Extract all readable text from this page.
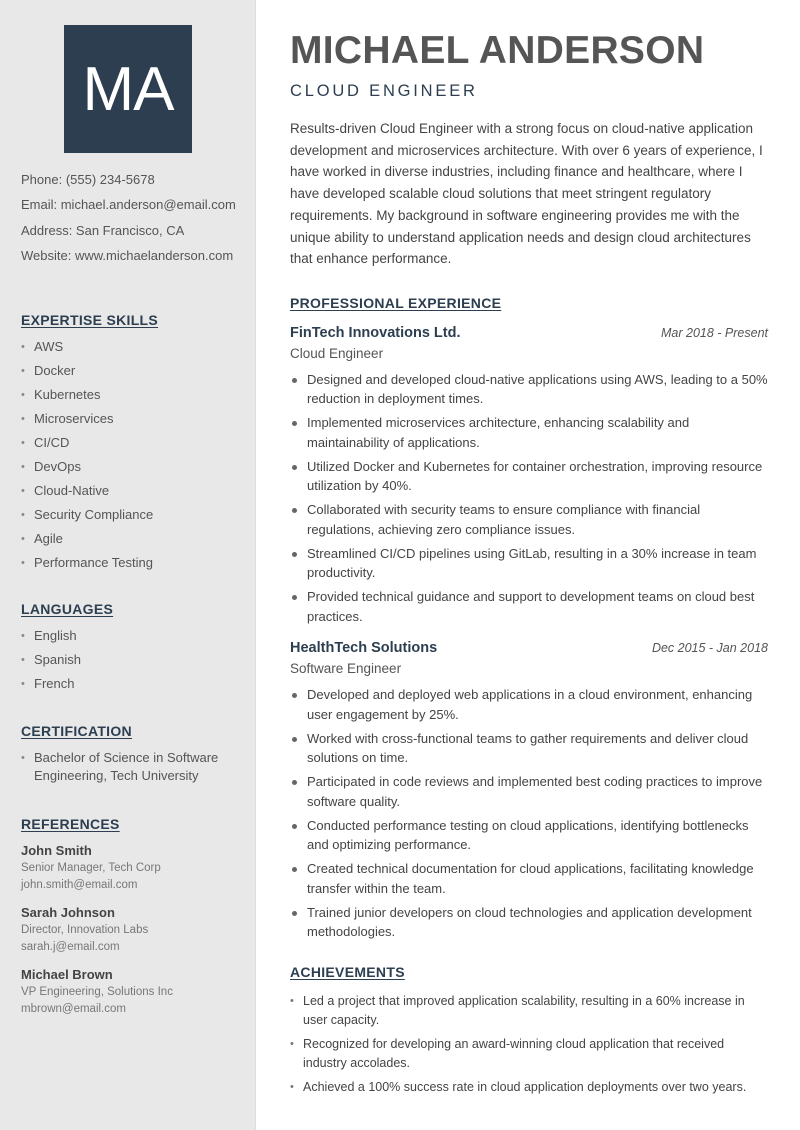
MA
Phone: (555) 234-5678
Email: michael.anderson@email.com
Address: San Francisco, CA
Website: www.michaelanderson.com
EXPERTISE SKILLS
• AWS
• Docker
• Kubernetes
• Microservices
• CI/CD
• DevOps
• Cloud-Native
• Security Compliance
• Agile
• Performance Testing
LANGUAGES
• English
• Spanish
• French
CERTIFICATION
• Bachelor of Science in Software Engineering, Tech University
REFERENCES
John Smith
Senior Manager, Tech Corp
john.smith@email.com
Sarah Johnson
Director, Innovation Labs
sarah.j@email.com
Michael Brown
VP Engineering, Solutions Inc
mbrown@email.com
MICHAEL ANDERSON
CLOUD ENGINEER
Results-driven Cloud Engineer with a strong focus on cloud-native application development and microservices architecture. With over 6 years of experience, I have worked in diverse industries, including finance and healthcare, where I have developed scalable cloud solutions that meet stringent regulatory requirements. My background in software engineering provides me with the unique ability to understand application needs and design cloud architectures that enhance performance.
PROFESSIONAL EXPERIENCE
FinTech Innovations Ltd.	Mar 2018 - Present
Cloud Engineer
Designed and developed cloud-native applications using AWS, leading to a 50% reduction in deployment times.
Implemented microservices architecture, enhancing scalability and maintainability of applications.
Utilized Docker and Kubernetes for container orchestration, improving resource utilization by 40%.
Collaborated with security teams to ensure compliance with financial regulations, achieving zero compliance issues.
Streamlined CI/CD pipelines using GitLab, resulting in a 30% increase in team productivity.
Provided technical guidance and support to development teams on cloud best practices.
HealthTech Solutions	Dec 2015 - Jan 2018
Software Engineer
Developed and deployed web applications in a cloud environment, enhancing user engagement by 25%.
Worked with cross-functional teams to gather requirements and deliver cloud solutions on time.
Participated in code reviews and implemented best coding practices to improve software quality.
Conducted performance testing on cloud applications, identifying bottlenecks and optimizing performance.
Created technical documentation for cloud applications, facilitating knowledge transfer within the team.
Trained junior developers on cloud technologies and application development methodologies.
ACHIEVEMENTS
• Led a project that improved application scalability, resulting in a 60% increase in user capacity.
• Recognized for developing an award-winning cloud application that received industry accolades.
• Achieved a 100% success rate in cloud application deployments over two years.
